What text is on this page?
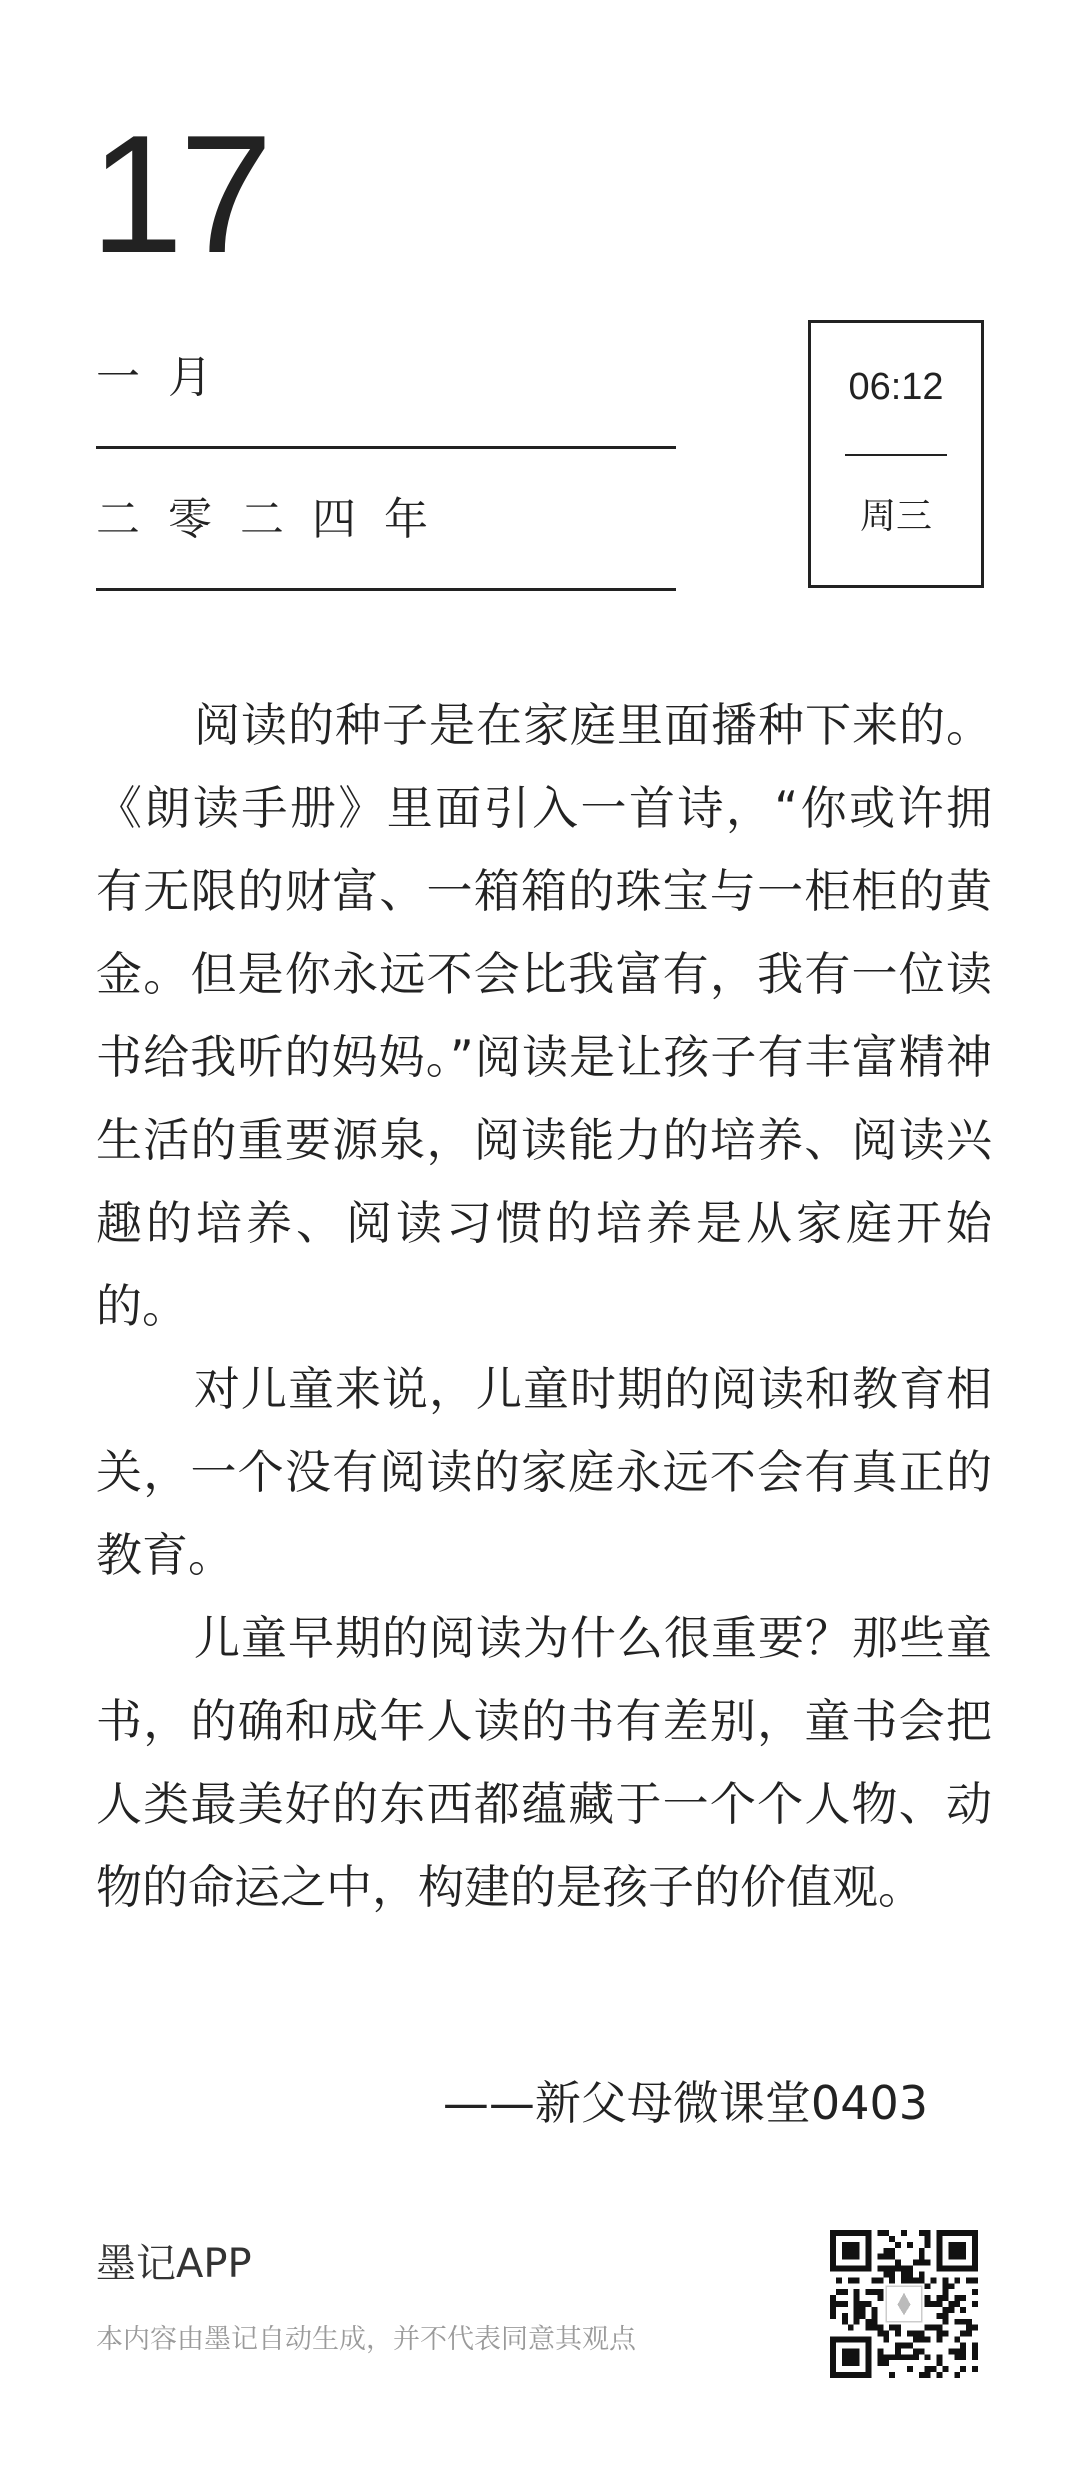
17
一月
二零二四年
06:12
周三

阅读的种子是在家庭里面播种下来的。《朗读手册》里面引入一首诗，“你或许拥有无限的财富、一箱箱的珠宝与一柜柜的黄金。但是你永远不会比我富有，我有一位读书给我听的妈妈。”阅读是让孩子有丰富精神生活的重要源泉，阅读能力的培养、阅读兴趣的培养、阅读习惯的培养是从家庭开始的。

对儿童来说，儿童时期的阅读和教育相关，一个没有阅读的家庭永远不会有真正的教育。

儿童早期的阅读为什么很重要？那些童书，的确和成年人读的书有差别，童书会把人类最美好的东西都蕴藏于一个个人物、动物的命运之中，构建的是孩子的价值观。

——新父母微课堂0403
墨记APP
本内容由墨记自动生成，并不代表同意其观点
